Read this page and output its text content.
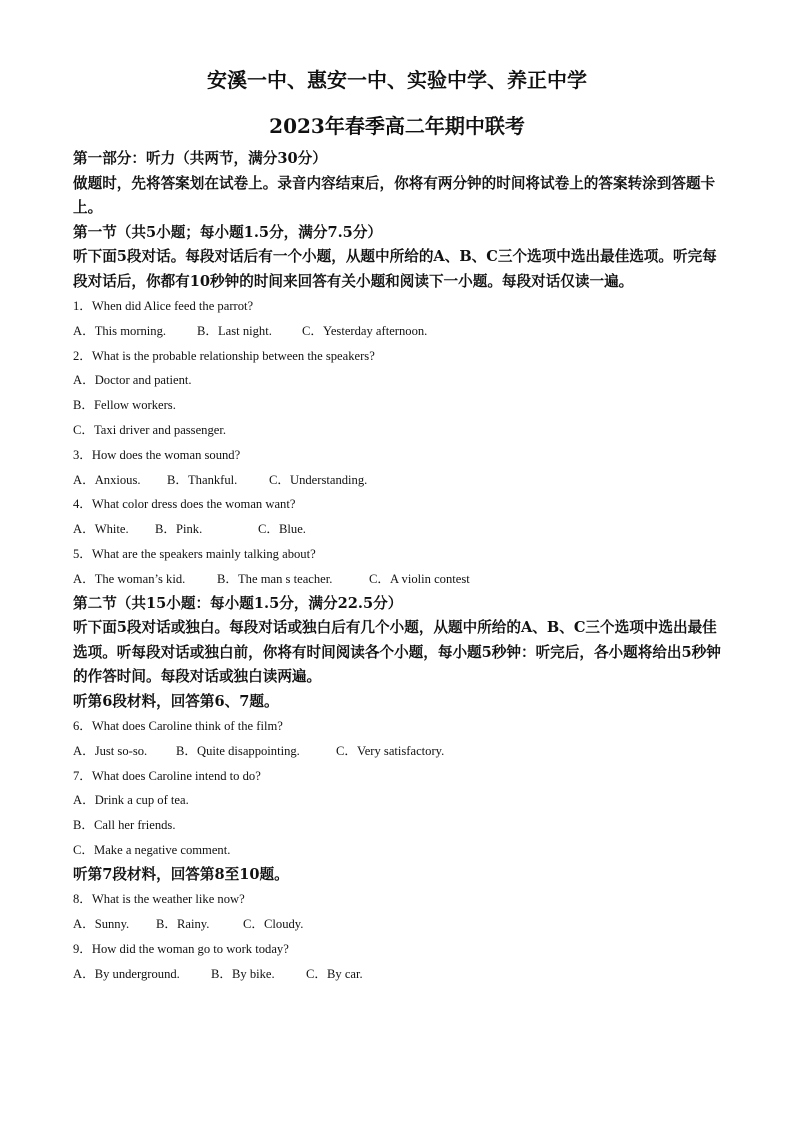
安溪一中、惠安一中、实验中学、养正中学
2023年春季高二年期中联考

第一部分：听力（共两节，满分30分）

做题时，先将答案划在试卷上。录音内容结束后，你将有两分钟的时间将试卷上的答案转涂到答题卡上。

第一节（共5小题；每小题1.5分，满分7.5分）

听下面5段对话。每段对话后有一个小题，从题中所给的A、B、C三个选项中选出最佳选项。听完每段对话后，你都有10秒钟的时间来回答有关小题和阅读下一小题。每段对话仅读一遍。

1．When did Alice feed the parrot?

A．This morning. B．Last night. C．Yesterday afternoon.

2．What is the probable relationship between the speakers?

A．Doctor and patient.

B．Fellow workers.

C．Taxi driver and passenger.

3．How does the woman sound?

A．Anxious. B．Thankful.	C．Understanding.

4．What color dress does the woman want?

A．White. B．Pink.	C．Blue.

5．What are the speakers mainly talking about?

A．The woman’s kid.	B．The man s teacher.	C．A violin contest

第二节（共15小题：每小题1.5分，满分22.5分）

听下面5段对话或独白。每段对话或独白后有几个小题，从题中所给的A、B、C三个选项中选出最佳选项。听每段对话或独白前，你将有时间阅读各个小题，每小题5秒钟：听完后，各小题将给出5秒钟的作答时间。每段对话或独白读两遍。

听第6段材料，回答第6、7题。

6．What does Caroline think of the film?

A．Just so-so. B．Quite disappointing.	C．Very satisfactory.

7．What does Caroline intend to do?

A．Drink a cup of tea.

B．Call her friends.

C．Make a negative comment.

听第7段材料，回答第8至10题。

8．What is the weather like now?

A．Sunny. B．Rainy.	C．Cloudy.

9．How did the woman go to work today?

A．By underground. B．By bike. C．By car.
